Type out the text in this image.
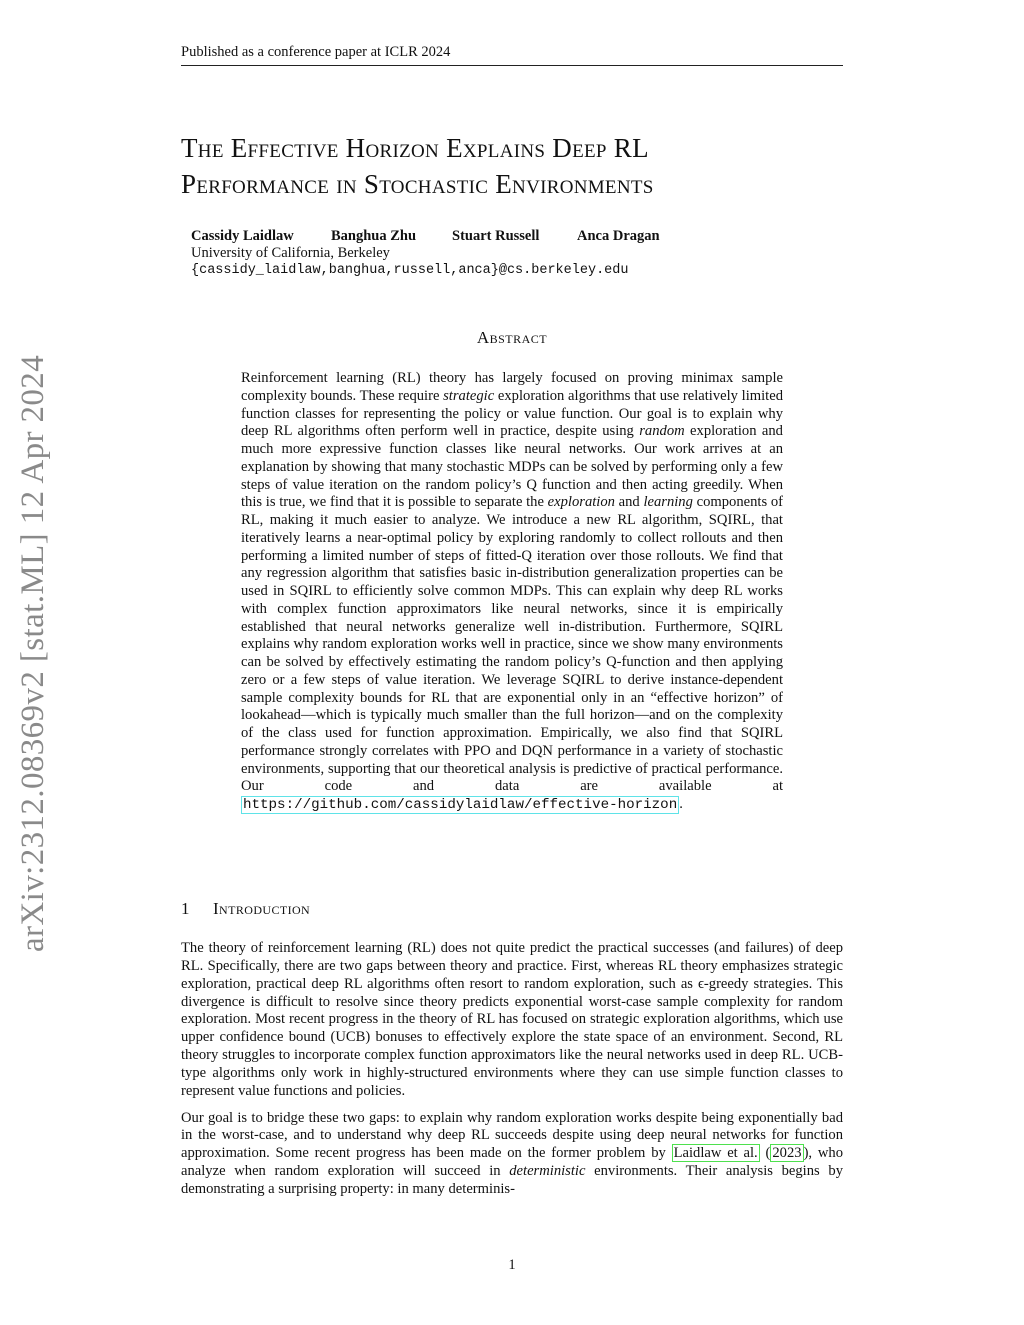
Published as a conference paper at ICLR 2024
arXiv:2312.08369v2 [stat.ML] 12 Apr 2024
The Effective Horizon Explains Deep RL
Performance in Stochastic Environments
Cassidy Laidlaw	Banghua Zhu Stuart Russell	Anca Dragan
University of California, Berkeley
{cassidy_laidlaw,banghua,russell,anca}@cs.berkeley.edu
Abstract
Reinforcement learning (RL) theory has largely focused on proving minimax sample complexity bounds. These require strategic exploration algorithms that use relatively limited function classes for representing the policy or value function. Our goal is to explain why deep RL algorithms often perform well in practice, despite using random exploration and much more expressive function classes like neural networks. Our work arrives at an explanation by showing that many stochastic MDPs can be solved by performing only a few steps of value iteration on the random policy’s Q function and then acting greedily. When this is true, we find that it is possible to separate the exploration and learning components of RL, making it much easier to analyze. We introduce a new RL algorithm, SQIRL, that iteratively learns a near-optimal policy by exploring randomly to collect rollouts and then performing a limited number of steps of fitted-Q iteration over those rollouts. We find that any regression algorithm that satisfies basic in-distribution generalization properties can be used in SQIRL to efficiently solve common MDPs. This can explain why deep RL works with complex function approximators like neural networks, since it is empirically established that neural networks generalize well in-distribution. Furthermore, SQIRL explains why random exploration works well in practice, since we show many environments can be solved by effectively estimating the random policy’s Q-function and then applying zero or a few steps of value iteration. We leverage SQIRL to derive instance-dependent sample complexity bounds for RL that are exponential only in an “effective horizon” of lookahead—which is typically much smaller than the full horizon—and on the complexity of the class used for function approximation. Empirically, we also find that SQIRL performance strongly correlates with PPO and DQN performance in a variety of stochastic environments, supporting that our theoretical analysis is predictive of practical performance. Our code and data are available at https://github.com/cassidylaidlaw/effective-horizon .
1 Introduction

The theory of reinforcement learning (RL) does not quite predict the practical successes (and failures) of deep RL. Specifically, there are two gaps between theory and practice. First, whereas RL theory emphasizes strategic exploration, practical deep RL algorithms often resort to random exploration, such as ϵ-greedy strategies. This divergence is difficult to resolve since theory predicts exponential worst-case sample complexity for random exploration. Most recent progress in the theory of RL has focused on strategic exploration algorithms, which use upper confidence bound (UCB) bonuses to effectively explore the state space of an environment. Second, RL theory struggles to incorporate complex function approximators like the neural networks used in deep RL. UCB-type algorithms only work in highly-structured environments where they can use simple function classes to represent value functions and policies.

Our goal is to bridge these two gaps: to explain why random exploration works despite being exponentially bad in the worst-case, and to understand why deep RL succeeds despite using deep neural networks for function approximation. Some recent progress has been made on the former problem by Laidlaw et al. ( 2023 ), who analyze when random exploration will succeed in deterministic environments. Their analysis begins by demonstrating a surprising property: in many determinis-

1
